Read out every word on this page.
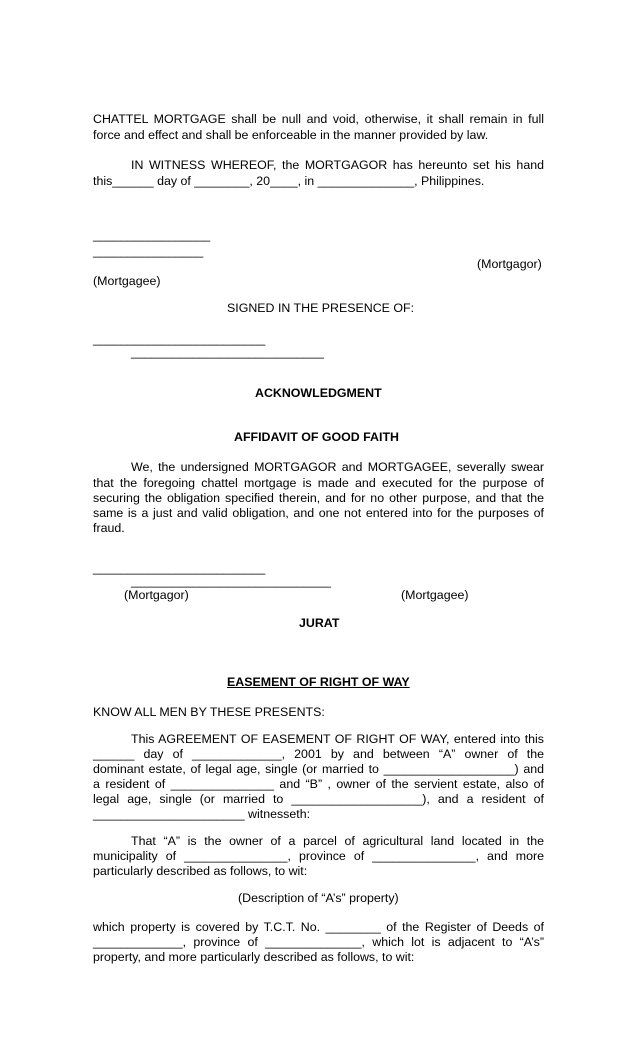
CHATTEL MORTGAGE shall be null and void, otherwise, it shall remain in full
force and effect and shall be enforceable in the manner provided by law.
IN WITNESS WHEREOF, the MORTGAGOR has hereunto set his hand
this______ day of ________, 20____, in ______________, Philippines.
_________________
________________
(Mortgagor)
(Mortgagee)
SIGNED IN THE PRESENCE OF:
_________________________
____________________________
ACKNOWLEDGMENT
AFFIDAVIT OF GOOD FAITH
We, the undersigned MORTGAGOR and MORTGAGEE, severally swear
that the foregoing chattel mortgage is made and executed for the purpose of
securing the obligation specified therein, and for no other purpose, and that the
same is a just and valid obligation, and one not entered into for the purposes of
fraud.
_________________________
_____________________________
(Mortgagor)	(Mortgagee)
JURAT
EASEMENT OF RIGHT OF WAY
KNOW ALL MEN BY THESE PRESENTS:
This AGREEMENT OF EASEMENT OF RIGHT OF WAY, entered into this
______ day of _____________, 2001 by and between “A” owner of the
dominant estate, of legal age, single (or married to ___________________) and
a resident of _______________ and “B” , owner of the servient estate, also of
legal age, single (or married to ___________________), and a resident of
______________________ witnesseth:
That “A” is the owner of a parcel of agricultural land located in the
municipality of _______________, province of _______________, and more
particularly described as follows, to wit:
(Description of “A’s” property)
which property is covered by T.C.T. No. ________ of the Register of Deeds of
_____________, province of ______________, which lot is adjacent to “A’s”
property, and more particularly described as follows, to wit:
